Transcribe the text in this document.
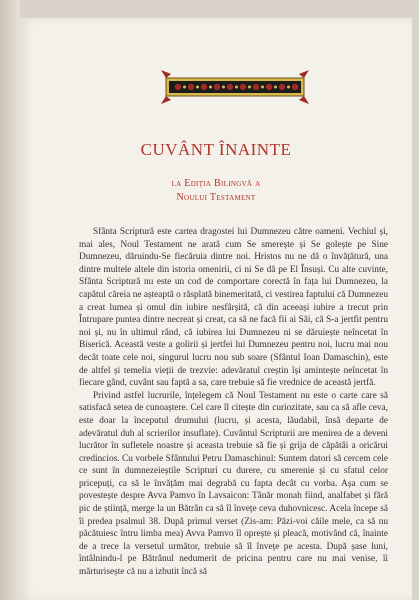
CUVÂNT ÎNAINTE
la Ediția Bilingvă a
Noului Testament

Sfânta Scriptură este cartea dragostei lui Dumnezeu către oameni. Vechiul și, mai ales, Noul Testament ne arată cum Se smerește și Se golește pe Sine Dumnezeu, dăruindu-Se fiecăruia dintre noi. Hristos nu ne dă o învățătură, una dintre multele altele din istoria omenirii, ci ni Se dă pe El Însuși. Cu alte cuvinte, Sfânta Scriptură nu este un cod de comportare corectă în fața lui Dumnezeu, la capătul căreia ne așteaptă o răsplată binemeritată, ci vestirea faptului că Dumnezeu a creat lumea și omul din iubire nesfârșită, că din aceeași iubire a trecut prin Întrupare puntea dintre necreat și creat, ca să ne facă fii ai Săi, că S-a jertfit pentru noi și, nu în ultimul rând, că iubirea lui Dumnezeu ni se dăruiește neîncetat în Biserică. Această veste a golirii și jertfei lui Dumnezeu pentru noi, lucru mai nou decât toate cele noi, singurul lucru nou sub soare (Sfântul Ioan Damaschin), este de altfel și temelia vieții de trezvie: adevăratul creștin își amintește neîncetat în fiecare gând, cuvânt sau faptă a sa, care trebuie să fie vrednice de această jertfă.

Privind astfel lucrurile, înțelegem că Noul Testament nu este o carte care să satisfacă setea de cunoaștere. Cel care îl citește din curiozitate, sau ca să afle ceva, este doar la începutul drumului (lucru, și acesta, lăudabil, însă departe de adevăratul duh al scrierilor insuflate). Cuvântul Scripturii are menirea de a deveni lucrător în sufletele noastre și aceasta trebuie să fie și grija de căpătâi a oricărui credincios. Cu vorbele Sfântului Petru Damaschinul: Suntem datori să cercem cele ce sunt în dumnezeieștile Scripturi cu durere, cu smerenie și cu sfatul celor pricepuți, ca să le învățăm mai degrabă cu fapta decât cu vorba. Așa cum se povestește despre Avva Pamvo în Lavsaicon: Tânăr monah fiind, analfabet și fără pic de știință, merge la un Bătrân ca să îl învețe ceva duhovnicesc. Acela începe să îi predea psalmul 38. După primul verset (Zis-am: Păzi-voi căile mele, ca să nu păcătuiesc întru limba mea) Avva Pamvo îl oprește și pleacă, motivând că, înainte de a trece la versetul următor, trebuie să îl învețe pe acesta. După șase luni, întâlnindu-l pe Bătrânul nedumerit de pricina pentru care nu mai venise, îi mărturisește că nu a izbutit încă să
